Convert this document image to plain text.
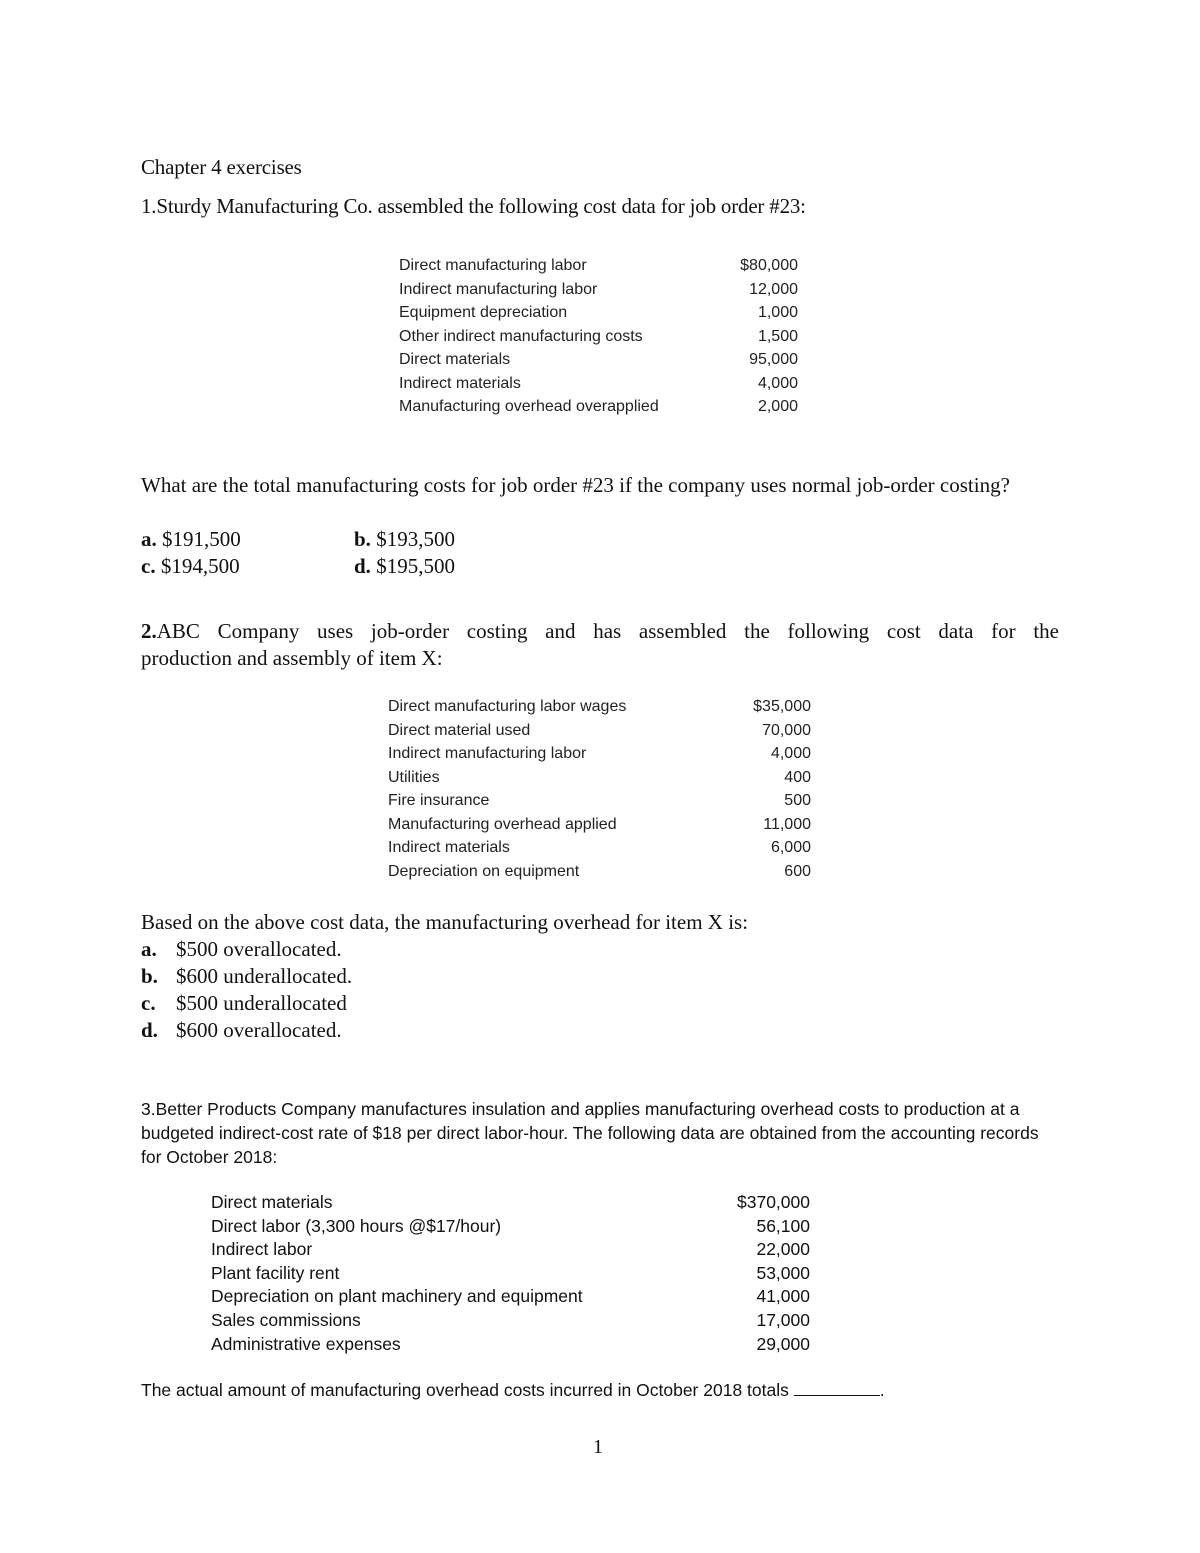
Chapter 4 exercises
1.Sturdy Manufacturing Co. assembled the following cost data for job order #23:
Direct manufacturing labor	$80,000
Indirect manufacturing labor	12,000
Equipment depreciation	1,000
Other indirect manufacturing costs	1,500
Direct materials	95,000
Indirect materials	4,000
Manufacturing overhead overapplied	2,000
What are the total manufacturing costs for job order #23 if the company uses normal job-order costing?
a. $191,500	b. $193,500
c. $194,500	d. $195,500
2.ABC Company uses job-order costing and has assembled the following cost data for the
production and assembly of item X:
Direct manufacturing labor wages	$35,000
Direct material used	70,000
Indirect manufacturing labor	4,000
Utilities	400
Fire insurance	500
Manufacturing overhead applied	11,000
Indirect materials	6,000
Depreciation on equipment	600
Based on the above cost data, the manufacturing overhead for item X is:
a. $500 overallocated.
b. $600 underallocated.
c. $500 underallocated
d. $600 overallocated.
3.Better Products Company manufactures insulation and applies manufacturing overhead costs to production at a budgeted indirect-cost rate of $18 per direct labor-hour. The following data are obtained from the accounting records for October 2018:
Direct materials	$370,000
Direct labor (3,300 hours @$17/hour)	56,100
Indirect labor	22,000
Plant facility rent	53,000
Depreciation on plant machinery and equipment	41,000
Sales commissions	17,000
Administrative expenses	29,000
The actual amount of manufacturing overhead costs incurred in October 2018 totals	.
1
